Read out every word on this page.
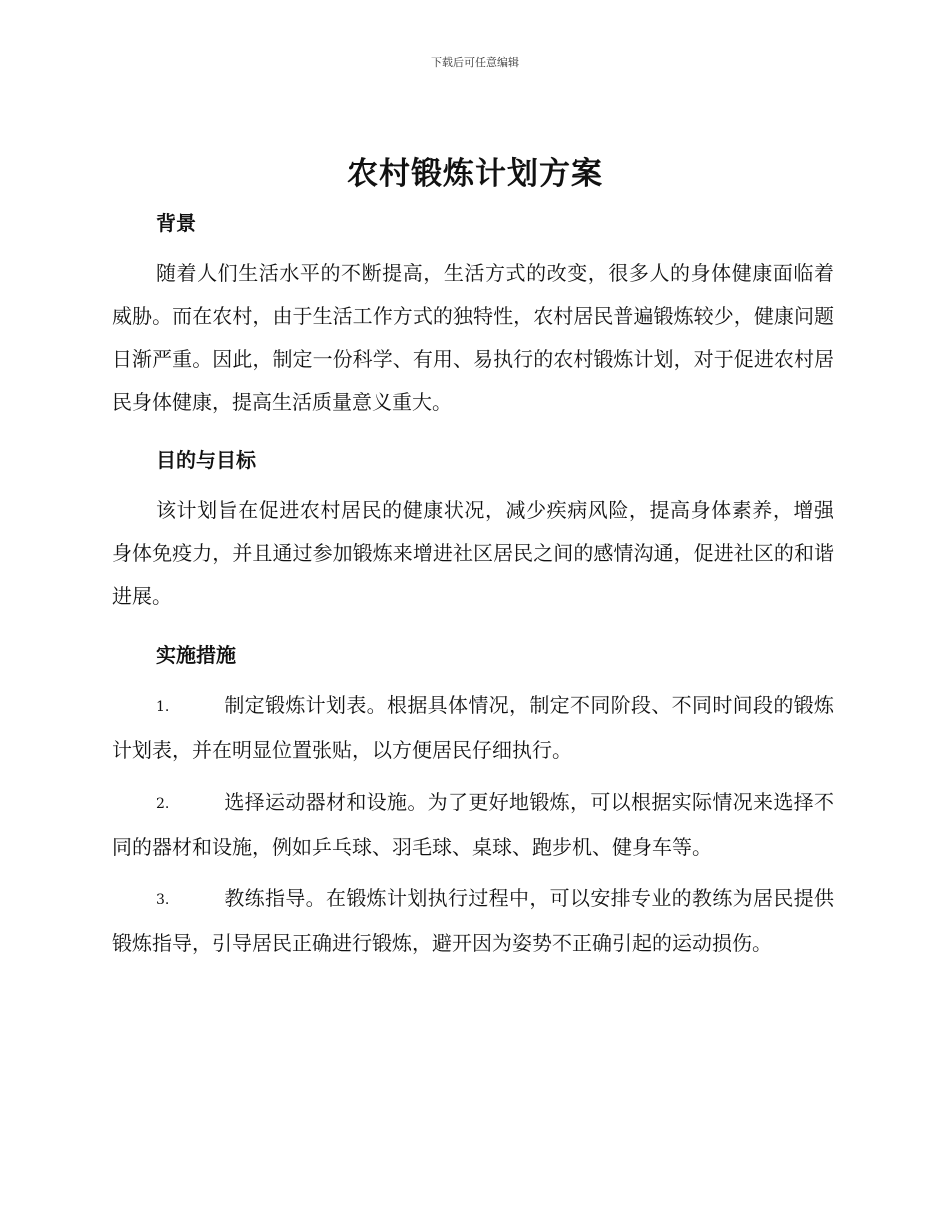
下载后可任意编辑
农村锻炼计划方案
背景

随着人们生活水平的不断提高，生活方式的改变，很多人的身体健康面临着威胁。而在农村，由于生活工作方式的独特性，农村居民普遍锻炼较少，健康问题日渐严重。因此，制定一份科学、有用、易执行的农村锻炼计划，对于促进农村居民身体健康，提高生活质量意义重大。

目的与目标

该计划旨在促进农村居民的健康状况，减少疾病风险，提高身体素养，增强身体免疫力，并且通过参加锻炼来增进社区居民之间的感情沟通，促进社区的和谐进展。

实施措施

1.	制定锻炼计划表。根据具体情况，制定不同阶段、不同时间段的锻炼计划表，并在明显位置张贴，以方便居民仔细执行。

2.	选择运动器材和设施。为了更好地锻炼，可以根据实际情况来选择不同的器材和设施，例如乒乓球、羽毛球、桌球、跑步机、健身车等。

3.	教练指导。在锻炼计划执行过程中，可以安排专业的教练为居民提供锻炼指导，引导居民正确进行锻炼，避开因为姿势不正确引起的运动损伤。
